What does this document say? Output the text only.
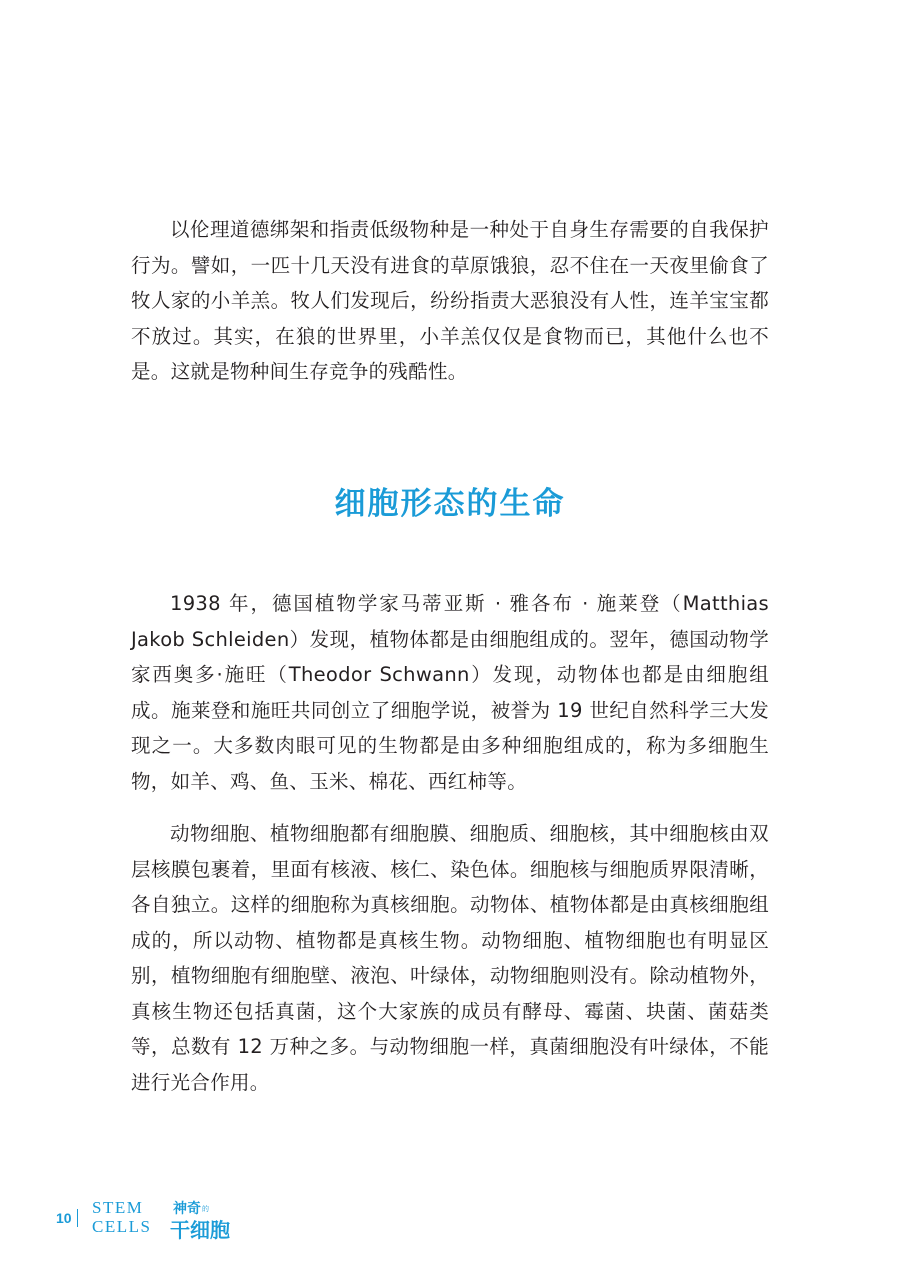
以伦理道德绑架和指责低级物种是一种处于自身生存需要的自我保护行为。譬如，一匹十几天没有进食的草原饿狼，忍不住在一天夜里偷食了牧人家的小羊羔。牧人们发现后，纷纷指责大恶狼没有人性，连羊宝宝都不放过。其实，在狼的世界里，小羊羔仅仅是食物而已，其他什么也不是。这就是物种间生存竞争的残酷性。

细胞形态的生命

1938 年，德国植物学家马蒂亚斯 · 雅各布 · 施莱登（Matthias Jakob Schleiden）发现，植物体都是由细胞组成的。翌年，德国动物学家西奥多·施旺（Theodor Schwann）发现，动物体也都是由细胞组成。施莱登和施旺共同创立了细胞学说，被誉为 19 世纪自然科学三大发现之一。大多数肉眼可见的生物都是由多种细胞组成的，称为多细胞生物，如羊、鸡、鱼、玉米、棉花、西红柿等。

动物细胞、植物细胞都有细胞膜、细胞质、细胞核，其中细胞核由双层核膜包裹着，里面有核液、核仁、染色体。细胞核与细胞质界限清晰，各自独立。这样的细胞称为真核细胞。动物体、植物体都是由真核细胞组成的，所以动物、植物都是真核生物。动物细胞、植物细胞也有明显区别，植物细胞有细胞壁、液泡、叶绿体，动物细胞则没有。除动植物外，真核生物还包括真菌，这个大家族的成员有酵母、霉菌、块菌、菌菇类等，总数有 12 万种之多。与动物细胞一样，真菌细胞没有叶绿体，不能进行光合作用。

10
STEM
CELLS
神奇 的
干细胞
